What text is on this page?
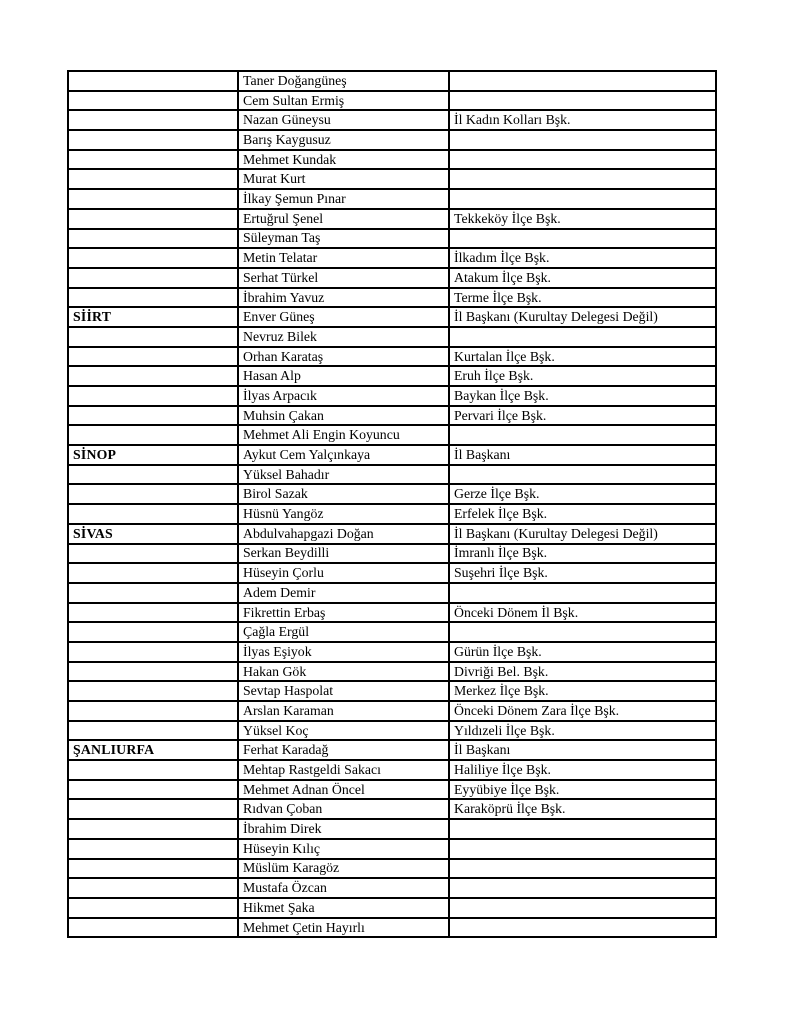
	Taner Doğangüneş	
	Cem Sultan Ermiş	
	Nazan Güneysu	İl Kadın Kolları Bşk.
	Barış Kaygusuz	
	Mehmet Kundak	
	Murat Kurt	
	İlkay Şemun Pınar	
	Ertuğrul Şenel	Tekkeköy İlçe Bşk.
	Süleyman Taş	
	Metin Telatar	İlkadım İlçe Bşk.
	Serhat Türkel	Atakum İlçe Bşk.
	İbrahim Yavuz	Terme İlçe Bşk.
SİİRT	Enver Güneş	İl Başkanı (Kurultay Delegesi Değil)
	Nevruz Bilek	
	Orhan Karataş	Kurtalan İlçe Bşk.
	Hasan Alp	Eruh İlçe Bşk.
	İlyas Arpacık	Baykan İlçe Bşk.
	Muhsin Çakan	Pervari İlçe Bşk.
	Mehmet Ali Engin Koyuncu	
SİNOP	Aykut Cem Yalçınkaya	İl Başkanı
	Yüksel Bahadır	
	Birol Sazak	Gerze İlçe Bşk.
	Hüsnü Yangöz	Erfelek İlçe Bşk.
SİVAS	Abdulvahapgazi Doğan	İl Başkanı (Kurultay Delegesi Değil)
	Serkan Beydilli	İmranlı İlçe Bşk.
	Hüseyin Çorlu	Suşehri İlçe Bşk.
	Adem Demir	
	Fikrettin Erbaş	Önceki Dönem İl Bşk.
	Çağla Ergül	
	İlyas Eşiyok	Gürün İlçe Bşk.
	Hakan Gök	Divriği Bel. Bşk.
	Sevtap Haspolat	Merkez İlçe Bşk.
	Arslan Karaman	Önceki Dönem Zara İlçe Bşk.
	Yüksel Koç	Yıldızeli İlçe Bşk.
ŞANLIURFA	Ferhat Karadağ	İl Başkanı
	Mehtap Rastgeldi Sakacı	Haliliye İlçe Bşk.
	Mehmet Adnan Öncel	Eyyübiye İlçe Bşk.
	Rıdvan Çoban	Karaköprü İlçe Bşk.
	İbrahim Direk	
	Hüseyin Kılıç	
	Müslüm Karagöz	
	Mustafa Özcan	
	Hikmet Şaka	
	Mehmet Çetin Hayırlı	
